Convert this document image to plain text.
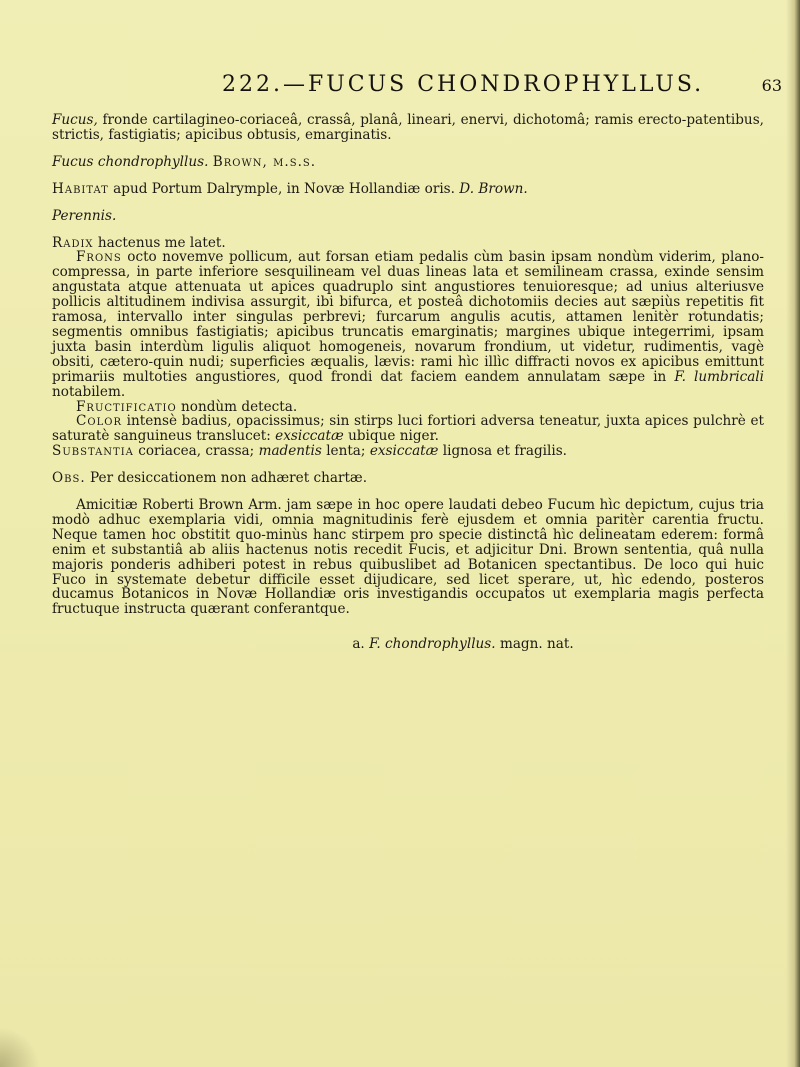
222.—FUCUS CHONDROPHYLLUS.	63

Fucus, fronde cartilagineo-coriaceâ, crassâ, planâ, lineari, enervi, dichotomâ; ramis erecto-patentibus, strictis, fastigiatis; apicibus obtusis, emarginatis.

Fucus chondrophyllus. Brown, m.s.s.

Habitat apud Portum Dalrymple, in Novæ Hollandiæ oris. D. Brown.

Perennis.

Radix hactenus me latet.

Frons octo novemve pollicum, aut forsan etiam pedalis cùm basin ipsam nondùm viderim, plano-compressa, in parte inferiore sesquilineam vel duas lineas lata et semilineam crassa, exinde sensim angustata atque attenuata ut apices quadruplo sint angustiores tenuioresque; ad unius alteriusve pollicis altitudinem indivisa assurgit, ibi bifurca, et posteâ dichotomiis decies aut sæpiùs repetitis fit ramosa, intervallo inter singulas perbrevi; furcarum angulis acutis, attamen lenitèr rotundatis; segmentis omnibus fastigiatis; apicibus truncatis emarginatis; margines ubique integerrimi, ipsam juxta basin interdùm ligulis aliquot homogeneis, novarum frondium, ut videtur, rudimentis, vagè obsiti, cætero-quin nudi; superficies æqualis, lævis: rami hìc illìc diffracti novos ex apicibus emittunt primariis multoties angustiores, quod frondi dat faciem eandem annulatam sæpe in F. lumbricali notabilem.

Fructificatio nondùm detecta.

Color intensè badius, opacissimus; sin stirps luci fortiori adversa teneatur, juxta apices pulchrè et saturatè sanguineus translucet: exsiccatæ ubique niger.

Substantia coriacea, crassa; madentis lenta; exsiccatæ lignosa et fragilis.

Obs. Per desiccationem non adhæret chartæ.

Amicitiæ Roberti Brown Arm. jam sæpe in hoc opere laudati debeo Fucum hìc depictum, cujus tria modò adhuc exemplaria vidi, omnia magnitudinis ferè ejusdem et omnia paritèr carentia fructu. Neque tamen hoc obstitit quo-minùs hanc stirpem pro specie distinctâ hìc delineatam ederem: formâ enim et substantiâ ab aliis hactenus notis recedit Fucis, et adjicitur Dni. Brown sententia, quâ nulla majoris ponderis adhiberi potest in rebus quibuslibet ad Botanicen spectantibus. De loco qui huic Fuco in systemate debetur difficile esset dijudicare, sed licet sperare, ut, hìc edendo, posteros ducamus Botanicos in Novæ Hollandiæ oris investigandis occupatos ut exemplaria magis perfecta fructuque instructa quærant conferantque.

a. F. chondrophyllus. magn. nat.
